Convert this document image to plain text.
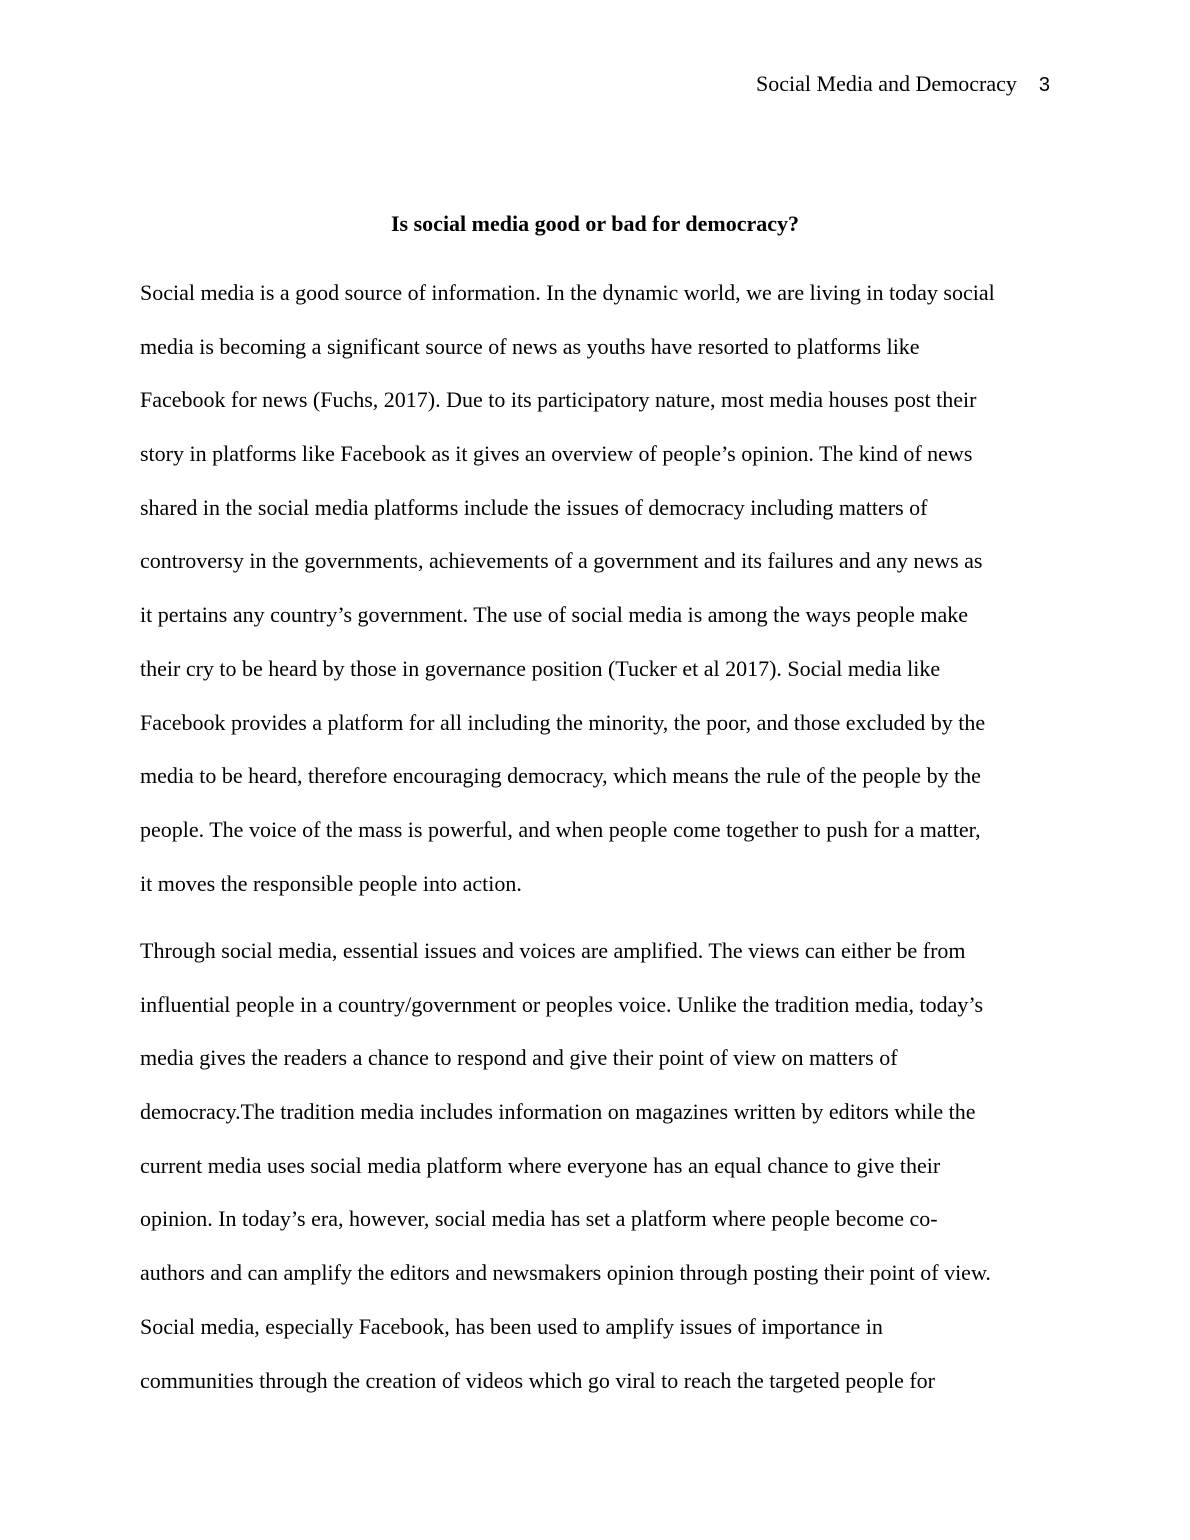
Social Media and Democracy 3
Is social media good or bad for democracy?

Social media is a good source of information. In the dynamic world, we are living in today social
media is becoming a significant source of news as youths have resorted to platforms like
Facebook for news (Fuchs, 2017). Due to its participatory nature, most media houses post their
story in platforms like Facebook as it gives an overview of people’s opinion. The kind of news
shared in the social media platforms include the issues of democracy including matters of
controversy in the governments, achievements of a government and its failures and any news as
it pertains any country’s government. The use of social media is among the ways people make
their cry to be heard by those in governance position (Tucker et al 2017). Social media like
Facebook provides a platform for all including the minority, the poor, and those excluded by the
media to be heard, therefore encouraging democracy, which means the rule of the people by the
people. The voice of the mass is powerful, and when people come together to push for a matter,
it moves the responsible people into action.

Through social media, essential issues and voices are amplified. The views can either be from
influential people in a country/government or peoples voice. Unlike the tradition media, today’s
media gives the readers a chance to respond and give their point of view on matters of
democracy.The tradition media includes information on magazines written by editors while the
current media uses social media platform where everyone has an equal chance to give their
opinion. In today’s era, however, social media has set a platform where people become co-
authors and can amplify the editors and newsmakers opinion through posting their point of view.
Social media, especially Facebook, has been used to amplify issues of importance in
communities through the creation of videos which go viral to reach the targeted people for
